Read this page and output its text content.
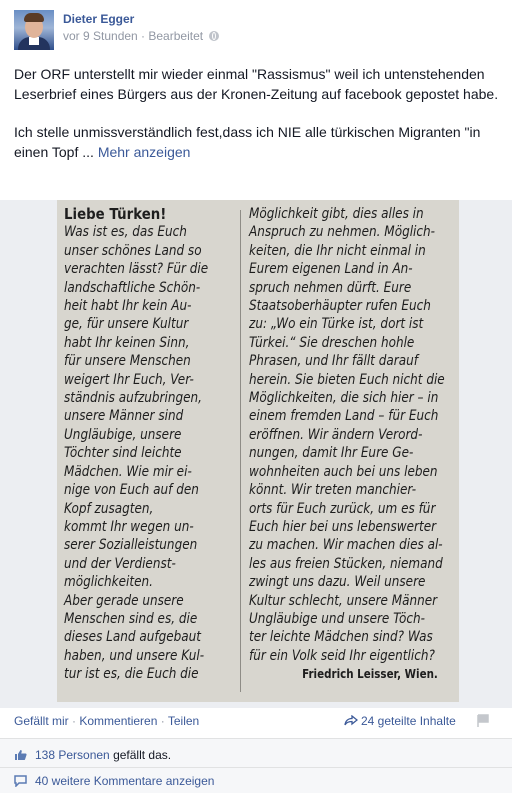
Dieter Egger
vor 9 Stunden · Bearbeitet

Der ORF unterstellt mir wieder einmal "Rassismus" weil ich untenstehenden Leserbrief eines Bürgers aus der Kronen-Zeitung auf facebook gepostet habe.

Ich stelle unmissverständlich fest,dass ich NIE alle türkischen Migranten "in einen Topf ... Mehr anzeigen

Liebe Türken!
Was ist es, das Euch
unser schönes Land so
verachten lässt? Für die
landschaftliche Schön-
heit habt Ihr kein Au-
ge, für unsere Kultur
habt Ihr keinen Sinn,
für unsere Menschen
weigert Ihr Euch, Ver-
ständnis aufzubringen,
unsere Männer sind
Ungläubige, unsere
Töchter sind leichte
Mädchen. Wie mir ei-
nige von Euch auf den
Kopf zusagten,
kommt Ihr wegen un-
serer Sozialleistungen
und der Verdienst-
möglichkeiten.
Aber gerade unsere
Menschen sind es, die
dieses Land aufgebaut
haben, und unsere Kul-
tur ist es, die Euch die
Möglichkeit gibt, dies alles in
Anspruch zu nehmen. Möglich-
keiten, die Ihr nicht einmal in
Eurem eigenen Land in An-
spruch nehmen dürft. Eure
Staatsoberhäupter rufen Euch
zu: „Wo ein Türke ist, dort ist
Türkei.“ Sie dreschen hohle
Phrasen, und Ihr fällt darauf
herein. Sie bieten Euch nicht die
Möglichkeiten, die sich hier – in
einem fremden Land – für Euch
eröffnen. Wir ändern Verord-
nungen, damit Ihr Eure Ge-
wohnheiten auch bei uns leben
könnt. Wir treten manchier-
orts für Euch zurück, um es für
Euch hier bei uns lebenswerter
zu machen. Wir machen dies al-
les aus freien Stücken, niemand
zwingt uns dazu. Weil unsere
Kultur schlecht, unsere Männer
Ungläubige und unsere Töch-
ter leichte Mädchen sind? Was
für ein Volk seid Ihr eigentlich?
Friedrich Leisser, Wien.
Gefällt mir · Kommentieren · Teilen	24 geteilte Inhalte
138 Personen gefällt das.
40 weitere Kommentare anzeigen
